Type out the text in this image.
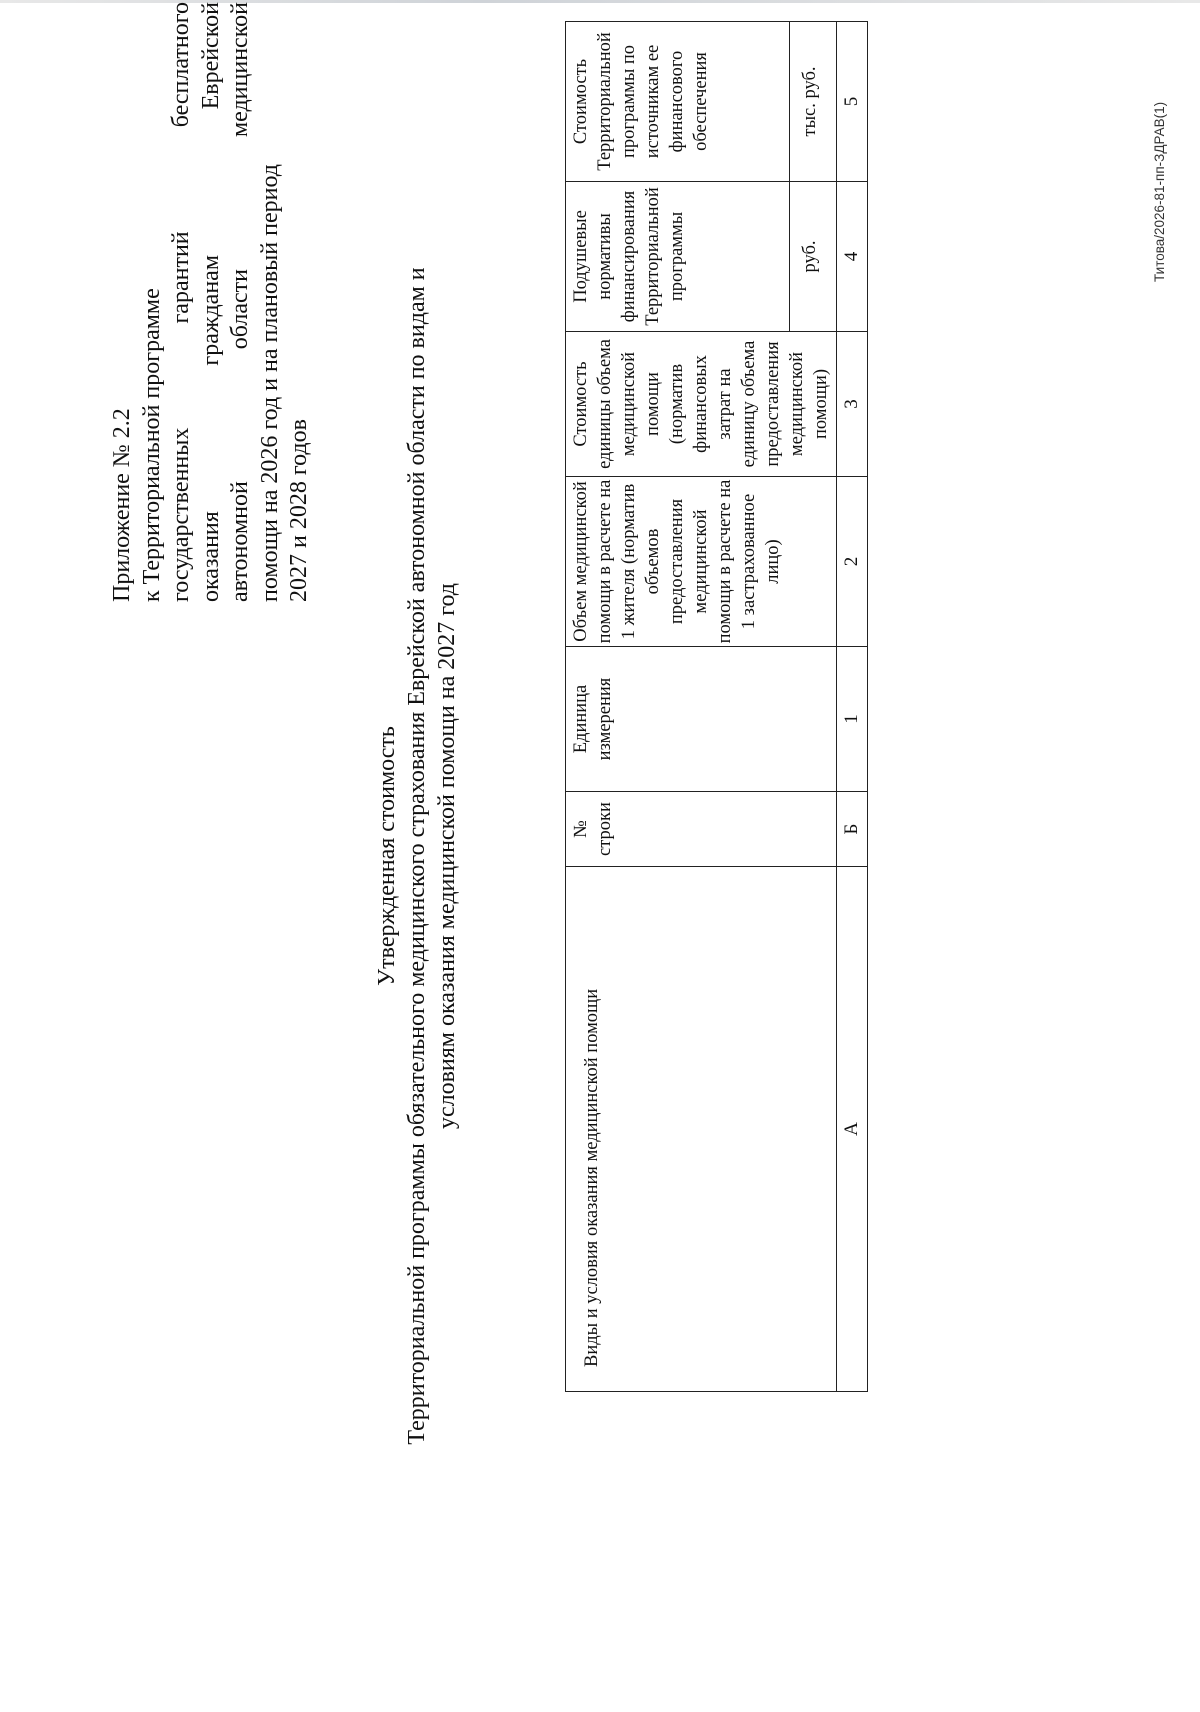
Приложение № 2.2 к Территориальной программе государственных гарантий бесплатного оказания гражданам Еврейской автономной области медицинской помощи на 2026 год и на плановый период 2027 и 2028 годов
Утвержденная стоимость Территориальной программы обязательного медицинского страхования Еврейской автономной области по видам и условиям оказания медицинской помощи на 2027 год
Виды и условия оказания медицинской помощи	№ строки	Единица измерения	Объем медицинской помощи в расчете на 1 жителя (норматив объемов предоставления медицинской помощи в расчете на 1 застрахованное лицо)	Стоимость единицы объема медицинской помощи (норматив финансовых затрат на единицу объема предоставления медицинской помощи)	Подушевые нормативы финансирования Территориальной программы	Стоимость Территориальной программы по источникам ее финансового обеспечения
					руб.	тыс. руб.
А	Б	1	2	3	4	5
Титова/2026-81-пп-ЗДРАВ(1)
